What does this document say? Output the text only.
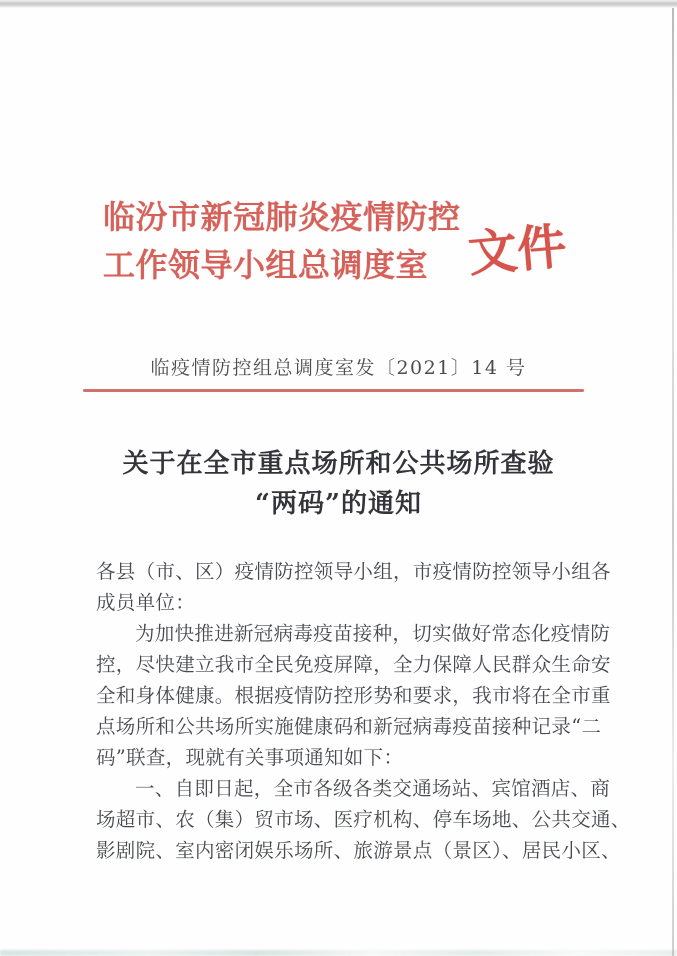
临汾市新冠肺炎疫情防控
工作领导小组总调度室 文件
临疫情防控组总调度室发〔2021〕14 号
关于在全市重点场所和公共场所查验
“两码”的通知
各县（市、区）疫情防控领导小组，市疫情防控领导小组各
成员单位：
为加快推进新冠病毒疫苗接种，切实做好常态化疫情防
控，尽快建立我市全民免疫屏障，全力保障人民群众生命安
全和身体健康。根据疫情防控形势和要求，我市将在全市重
点场所和公共场所实施健康码和新冠病毒疫苗接种记录“二
码”联查，现就有关事项通知如下：
一、自即日起，全市各级各类交通场站、宾馆酒店、商
场超市、农（集）贸市场、医疗机构、停车场地、公共交通、
影剧院、室内密闭娱乐场所、旅游景点（景区）、居民小区、
